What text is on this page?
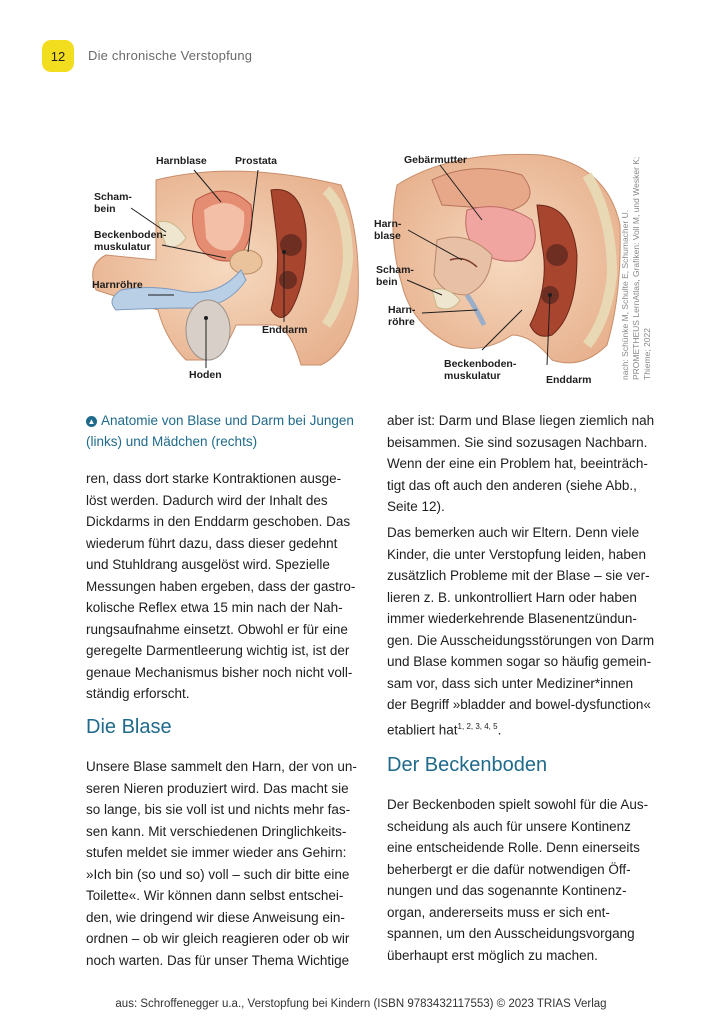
12 Die chronische Verstopfung
Harnblase	Prostata
Scham-
bein
Beckenboden-
muskulatur
Harnröhre
Enddarm
Hoden
Gebärmutter
Harn-
blase
Scham-
bein
Harn-
röhre
Beckenboden-
muskulatur	Enddarm	nach: Schünke M, Schulte E, Schumacher U. PROMETHEUS LernAtlas, Grafiken: Voll M, und Wesker K; Thieme; 2022
▲ Anatomie von Blase und Darm bei Jungen (links) und Mädchen (rechts)
ren, dass dort starke Kontraktionen ausge-
löst werden. Dadurch wird der Inhalt des
Dickdarms in den Enddarm geschoben. Das
wiederum führt dazu, dass dieser gedehnt
und Stuhldrang ausgelöst wird. Spezielle
Messungen haben ergeben, dass der gastro-
kolische Reflex etwa 15 min nach der Nah-
rungsaufnahme einsetzt. Obwohl er für eine
geregelte Darmentleerung wichtig ist, ist der
genaue Mechanismus bisher noch nicht voll-
ständig erforscht.
Die Blase
Unsere Blase sammelt den Harn, der von un-
seren Nieren produziert wird. Das macht sie
so lange, bis sie voll ist und nichts mehr fas-
sen kann. Mit verschiedenen Dringlichkeits-
stufen meldet sie immer wieder ans Gehirn:
»Ich bin (so und so) voll – such dir bitte eine
Toilette«. Wir können dann selbst entschei-
den, wie dringend wir diese Anweisung ein-
ordnen – ob wir gleich reagieren oder ob wir
noch warten. Das für unser Thema Wichtige
aber ist: Darm und Blase liegen ziemlich nah
beisammen. Sie sind sozusagen Nachbarn.
Wenn der eine ein Problem hat, beeinträch-
tigt das oft auch den anderen (siehe Abb.,
Seite 12).
Das bemerken auch wir Eltern. Denn viele
Kinder, die unter Verstopfung leiden, haben
zusätzlich Probleme mit der Blase – sie ver-
lieren z. B. unkontrolliert Harn oder haben
immer wiederkehrende Blasenentzündun-
gen. Die Ausscheidungsstörungen von Darm
und Blase kommen sogar so häufig gemein-
sam vor, dass sich unter Mediziner*innen
der Begriff »bladder and bowel-dysfunction«
etabliert hat$^{1, 2, 3, 4, 5}$.
Der Beckenboden
Der Beckenboden spielt sowohl für die Aus-
scheidung als auch für unsere Kontinenz
eine entscheidende Rolle. Denn einerseits
beherbergt er die dafür notwendigen Öff-
nungen und das sogenannte Kontinenz-
organ, andererseits muss er sich ent-
spannen, um den Ausscheidungsvorgang
überhaupt erst möglich zu machen.
aus: Schroffenegger u.a., Verstopfung bei Kindern (ISBN 9783432117553) © 2023 TRIAS Verlag
